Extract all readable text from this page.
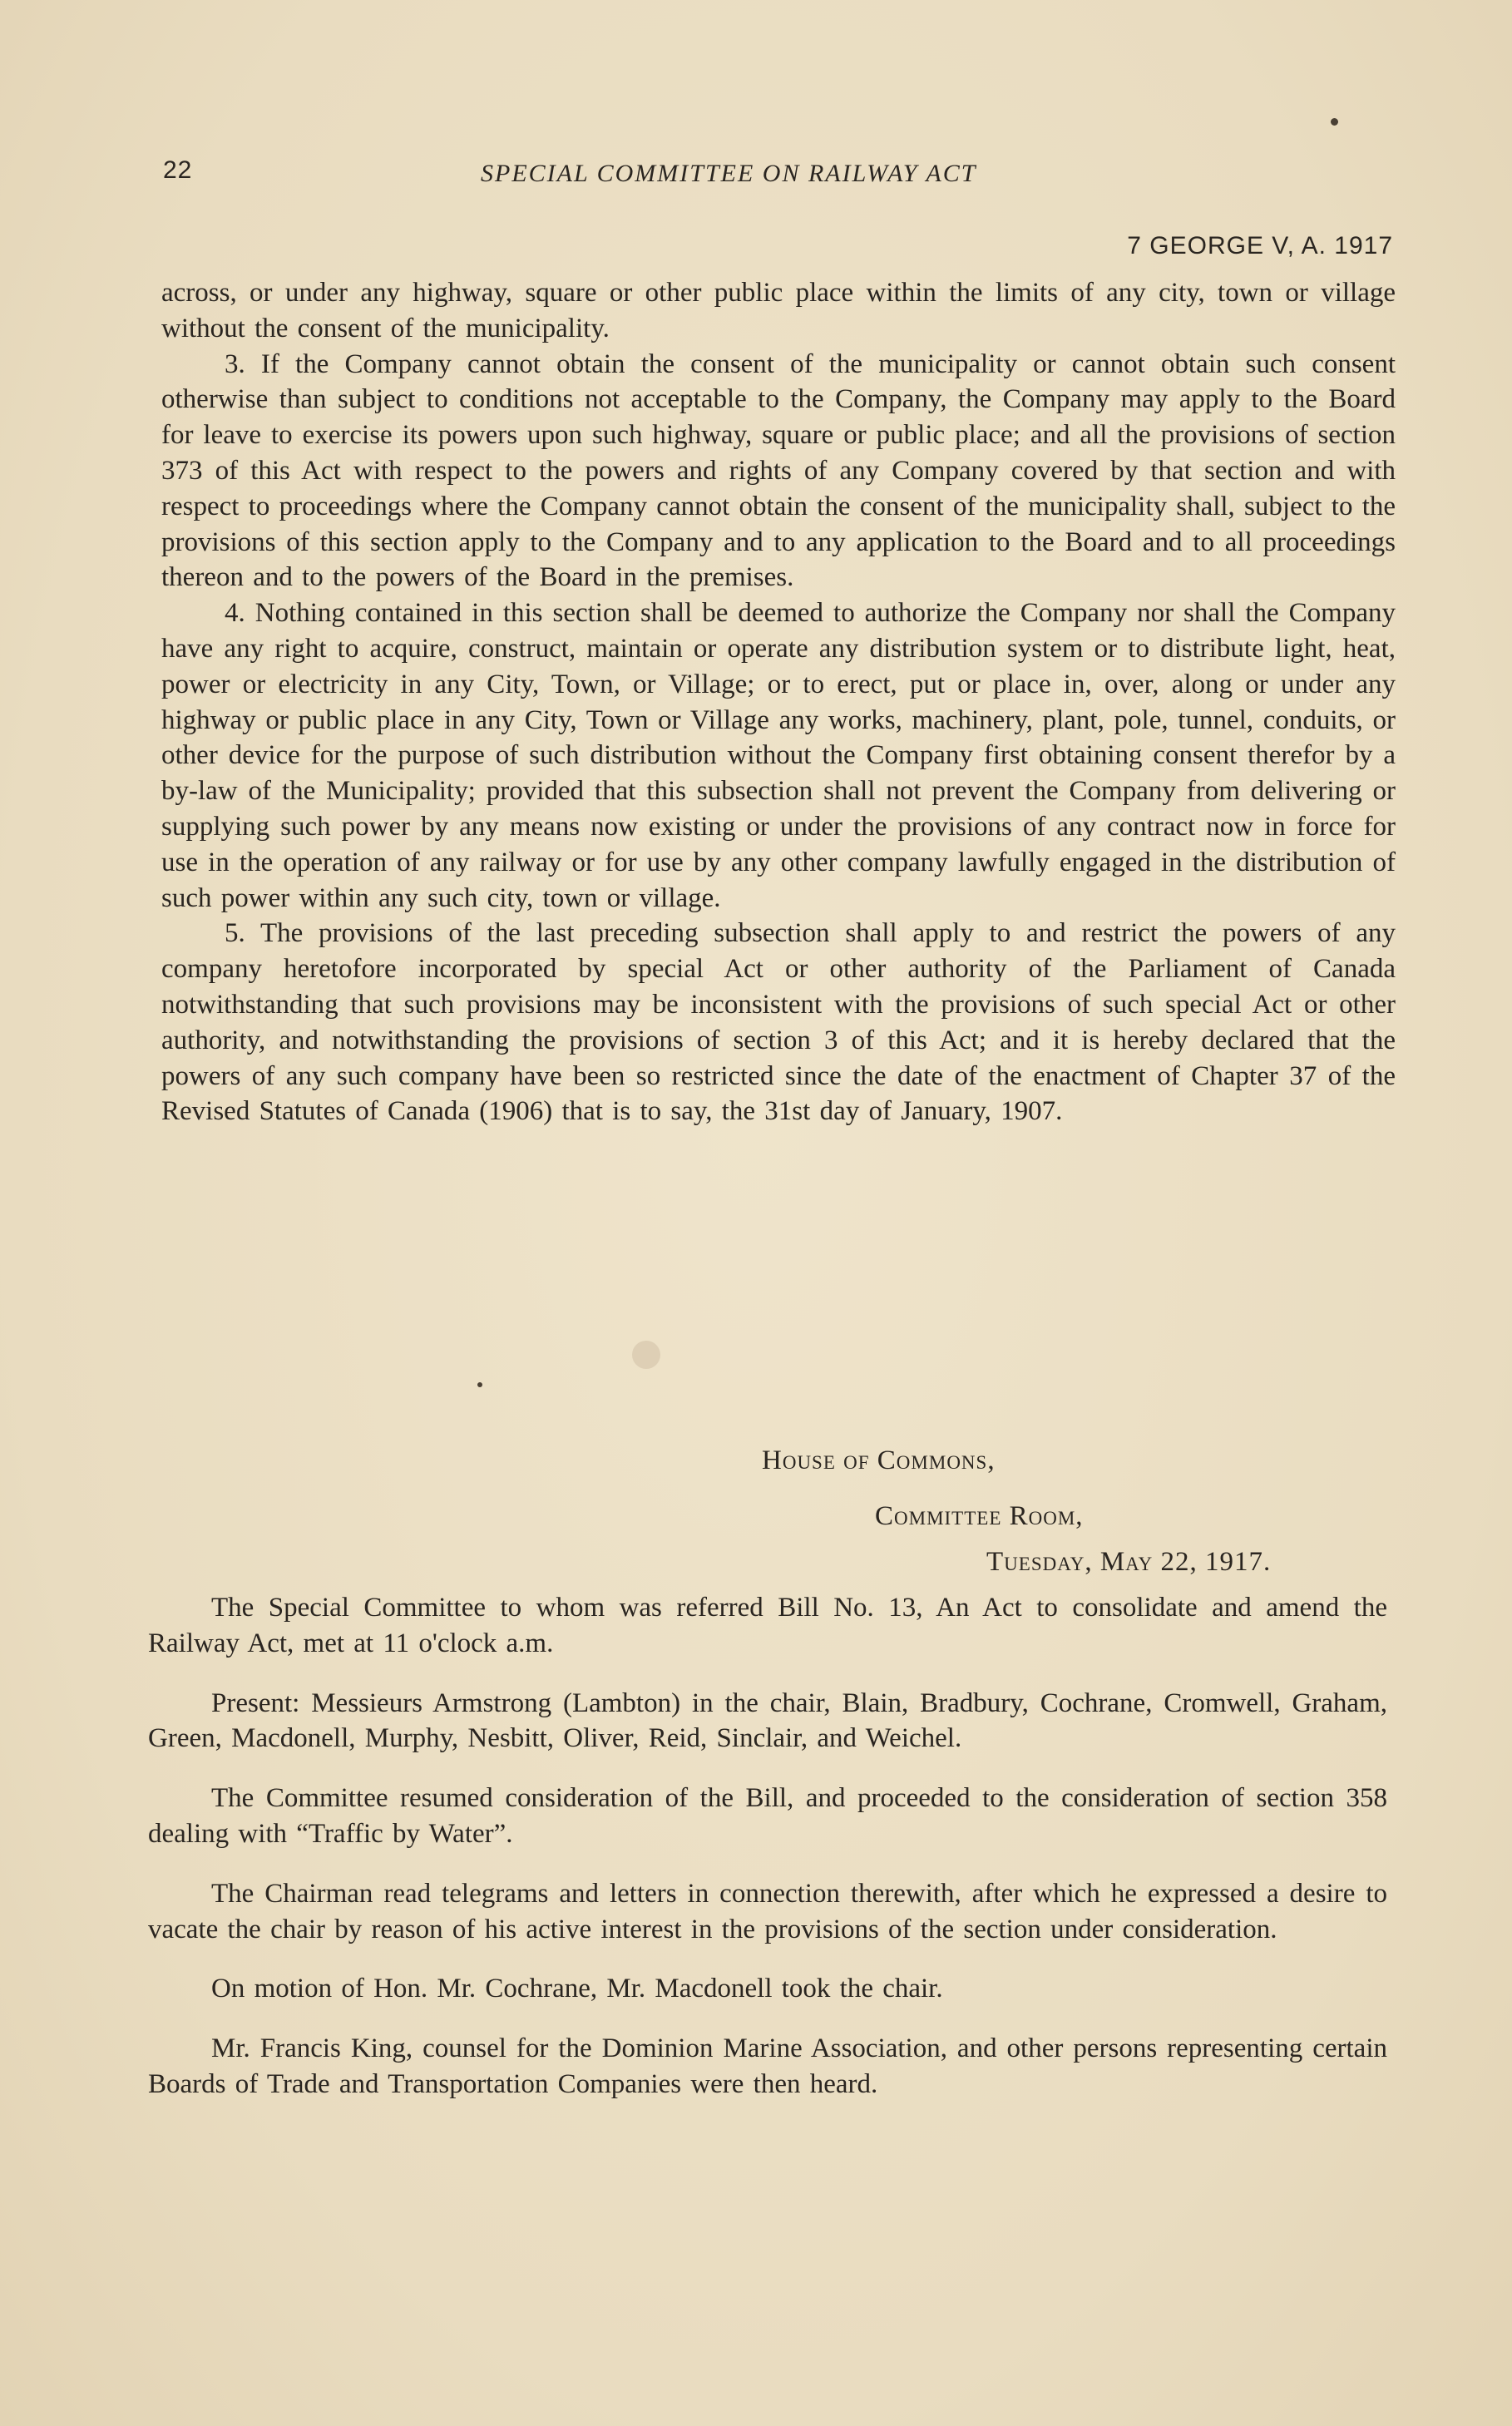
22	SPECIAL COMMITTEE ON RAILWAY ACT
7 GEORGE V, A. 1917

across, or under any highway, square or other public place within the limits of any city, town or village without the consent of the municipality.

3. If the Company cannot obtain the consent of the municipality or cannot obtain such consent otherwise than subject to conditions not acceptable to the Company, the Company may apply to the Board for leave to exercise its powers upon such highway, square or public place; and all the provisions of section 373 of this Act with respect to the powers and rights of any Company covered by that section and with respect to proceedings where the Company cannot obtain the consent of the municipality shall, subject to the provisions of this section apply to the Company and to any application to the Board and to all proceedings thereon and to the powers of the Board in the premises.

4. Nothing contained in this section shall be deemed to authorize the Company nor shall the Company have any right to acquire, construct, maintain or operate any distribution system or to distribute light, heat, power or electricity in any City, Town, or Village; or to erect, put or place in, over, along or under any highway or public place in any City, Town or Village any works, machinery, plant, pole, tunnel, conduits, or other device for the purpose of such distribution without the Company first obtaining consent therefor by a by-law of the Municipality; provided that this subsection shall not prevent the Company from delivering or supplying such power by any means now existing or under the provisions of any contract now in force for use in the operation of any railway or for use by any other company lawfully engaged in the distribution of such power within any such city, town or village.

5. The provisions of the last preceding subsection shall apply to and restrict the powers of any company heretofore incorporated by special Act or other authority of the Parliament of Canada notwithstanding that such provisions may be inconsistent with the provisions of such special Act or other authority, and notwithstanding the provisions of section 3 of this Act; and it is hereby declared that the powers of any such company have been so restricted since the date of the enactment of Chapter 37 of the Revised Statutes of Canada (1906) that is to say, the 31st day of January, 1907.

House of Commons,
Committee Room,
Tuesday, May 22, 1917.

The Special Committee to whom was referred Bill No. 13, An Act to consolidate and amend the Railway Act, met at 11 o'clock a.m.

Present: Messieurs Armstrong (Lambton) in the chair, Blain, Bradbury, Cochrane, Cromwell, Graham, Green, Macdonell, Murphy, Nesbitt, Oliver, Reid, Sinclair, and Weichel.

The Committee resumed consideration of the Bill, and proceeded to the consideration of section 358 dealing with “Traffic by Water”.

The Chairman read telegrams and letters in connection therewith, after which he expressed a desire to vacate the chair by reason of his active interest in the provisions of the section under consideration.

On motion of Hon. Mr. Cochrane, Mr. Macdonell took the chair.

Mr. Francis King, counsel for the Dominion Marine Association, and other persons representing certain Boards of Trade and Transportation Companies were then heard.
